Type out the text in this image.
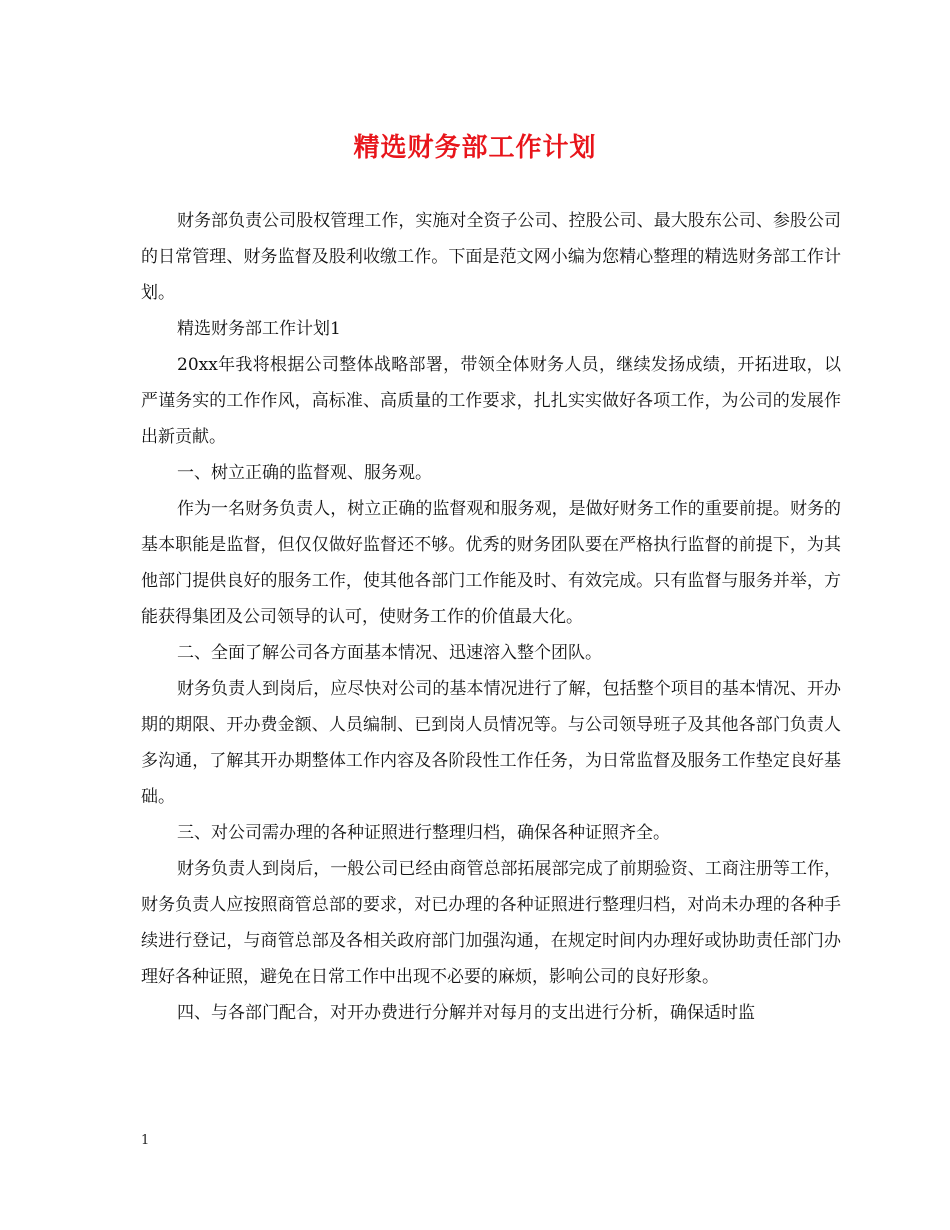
精选财务部工作计划

财务部负责公司股权管理工作，实施对全资子公司、控股公司、最大股东公司、参股公司的日常管理、财务监督及股利收缴工作。下面是范文网小编为您精心整理的精选财务部工作计划。

精选财务部工作计划1

20xx年我将根据公司整体战略部署，带领全体财务人员，继续发扬成绩，开拓进取，以严谨务实的工作作风，高标准、高质量的工作要求，扎扎实实做好各项工作，为公司的发展作出新贡献。

一、树立正确的监督观、服务观。

作为一名财务负责人，树立正确的监督观和服务观，是做好财务工作的重要前提。财务的基本职能是监督，但仅仅做好监督还不够。优秀的财务团队要在严格执行监督的前提下，为其他部门提供良好的服务工作，使其他各部门工作能及时、有效完成。只有监督与服务并举，方能获得集团及公司领导的认可，使财务工作的价值最大化。

二、全面了解公司各方面基本情况、迅速溶入整个团队。

财务负责人到岗后，应尽快对公司的基本情况进行了解，包括整个项目的基本情况、开办期的期限、开办费金额、人员编制、已到岗人员情况等。与公司领导班子及其他各部门负责人多沟通，了解其开办期整体工作内容及各阶段性工作任务，为日常监督及服务工作垫定良好基础。

三、对公司需办理的各种证照进行整理归档，确保各种证照齐全。

财务负责人到岗后，一般公司已经由商管总部拓展部完成了前期验资、工商注册等工作，财务负责人应按照商管总部的要求，对已办理的各种证照进行整理归档，对尚未办理的各种手续进行登记，与商管总部及各相关政府部门加强沟通，在规定时间内办理好或协助责任部门办理好各种证照，避免在日常工作中出现不必要的麻烦，影响公司的良好形象。

四、与各部门配合，对开办费进行分解并对每月的支出进行分析，确保适时监

1
